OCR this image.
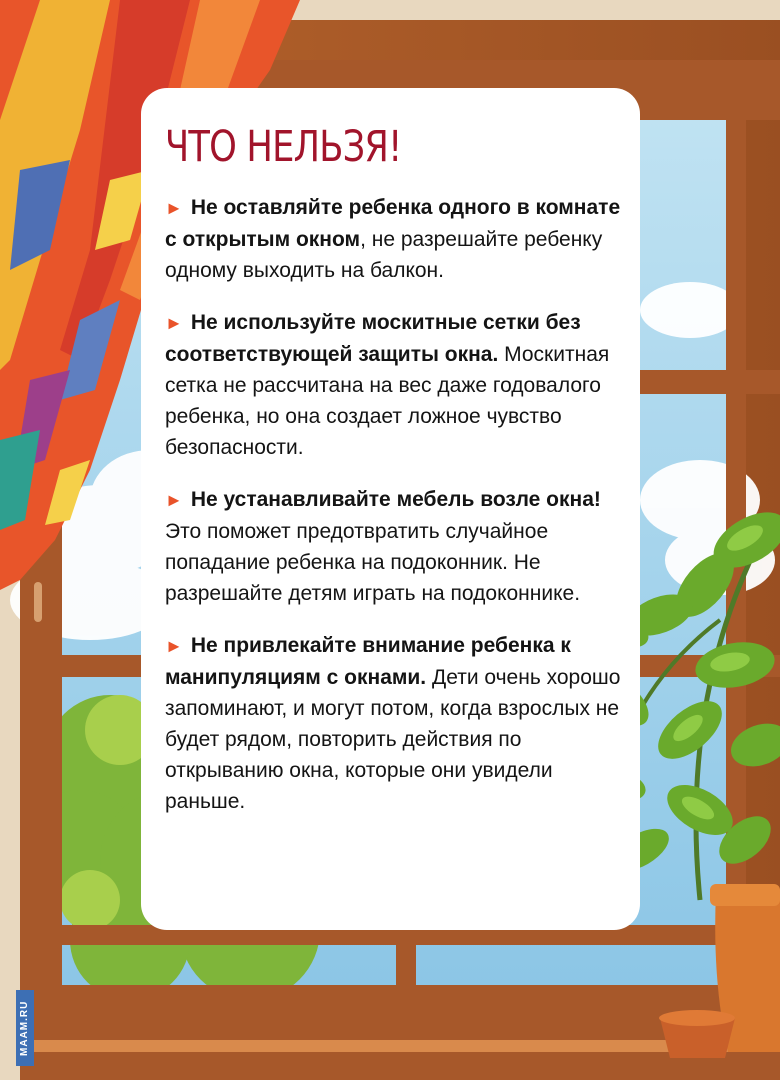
ЧТО НЕЛЬЗЯ!

► Не оставляйте ребенка одного в комнате с открытым окном, не разрешайте ребенку одному выходить на балкон.

► Не используйте москитные сетки без соответствующей защиты окна. Москитная сетка не рассчитана на вес даже годовалого ребенка, но она создает ложное чувство безопасности.

► Не устанавливайте мебель возле окна! Это поможет предотвратить случайное попадание ребенка на подоконник. Не разрешайте детям играть на подоконнике.

► Не привлекайте внимание ребенка к манипуляциям с окнами. Дети очень хорошо запоминают, и могут потом, когда взрослых не будет рядом, повторить действия по открыванию окна, которые они увидели раньше.

MAAM.RU
